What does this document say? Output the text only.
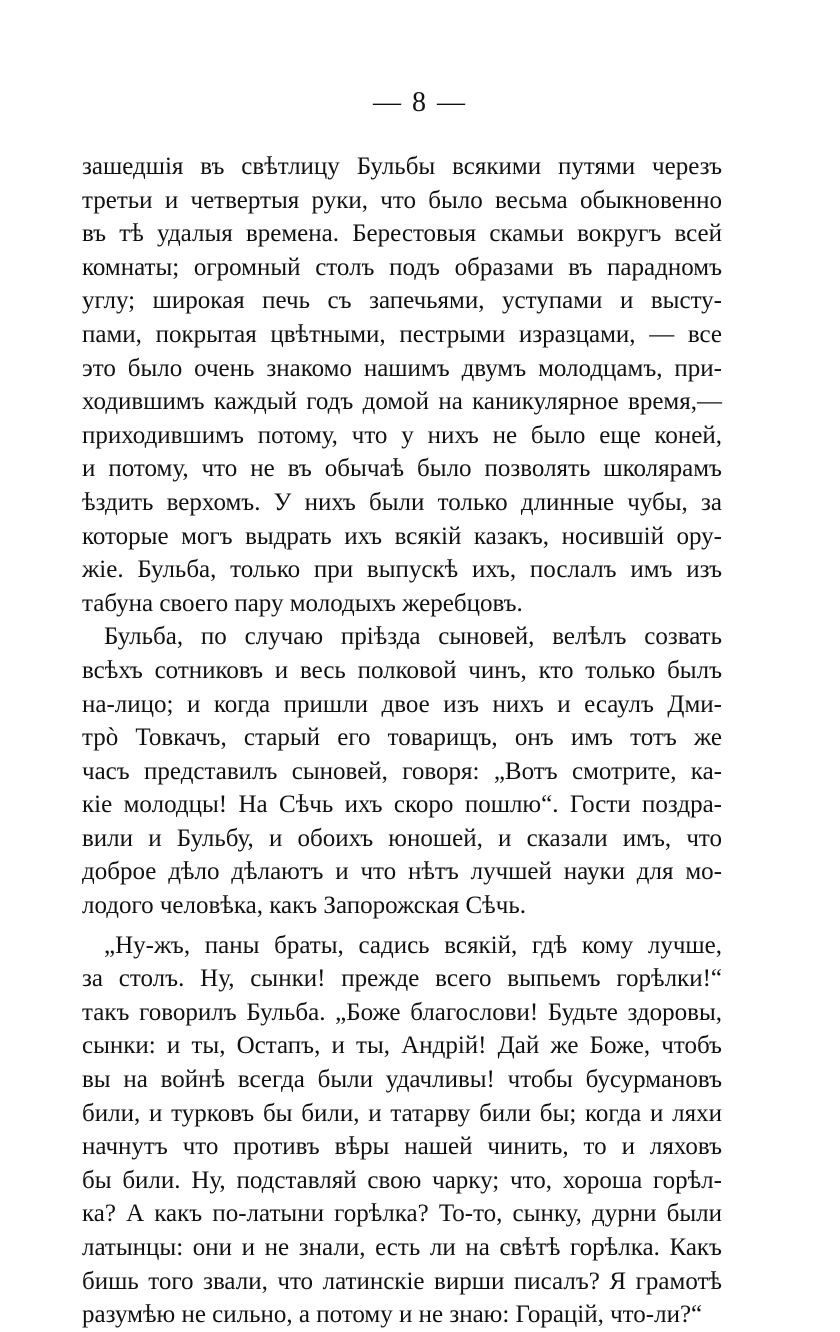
— 8 —
зашедшія въ свѣтлицу Бульбы всякими путями черезъ
третьи и четвертыя руки, что было весьма обыкновенно
въ тѣ удалыя времена. Берестовыя скамьи вокругъ всей
комнаты; огромный столъ подъ образами въ парадномъ
углу; широкая печь съ запечьями, уступами и высту-
пами, покрытая цвѣтными, пестрыми изразцами, — все
это было очень знакомо нашимъ двумъ молодцамъ, при-
ходившимъ каждый годъ домой на каникулярное время,—
приходившимъ потому, что у нихъ не было еще коней,
и потому, что не въ обычаѣ было позволять школярамъ
ѣздить верхомъ. У нихъ были только длинные чубы, за
которые могъ выдрать ихъ всякій казакъ, носившій ору-
жіе. Бульба, только при выпускѣ ихъ, послалъ имъ изъ
табуна своего пару молодыхъ жеребцовъ.
Бульба, по случаю пріѣзда сыновей, велѣлъ созвать
всѣхъ сотниковъ и весь полковой чинъ, кто только былъ
на-лицо; и когда пришли двое изъ нихъ и есаулъ Дми-
трò Товкачъ, старый его товарищъ, онъ имъ тотъ же
часъ представилъ сыновей, говоря: „Вотъ смотрите, ка-
кіе молодцы! На Сѣчь ихъ скоро пошлю“. Гости поздра-
вили и Бульбу, и обоихъ юношей, и сказали имъ, что
доброе дѣло дѣлаютъ и что нѣтъ лучшей науки для мо-
лодого человѣка, какъ Запорожская Сѣчь.
„Ну-жъ, паны браты, садись всякій, гдѣ кому лучше,
за столъ. Ну, сынки! прежде всего выпьемъ горѣлки!“
такъ говорилъ Бульба. „Боже благослови! Будьте здоровы,
сынки: и ты, Остапъ, и ты, Андрій! Дай же Боже, чтобъ
вы на войнѣ всегда были удачливы! чтобы бусурмановъ
били, и турковъ бы били, и татарву били бы; когда и ляхи
начнутъ что противъ вѣры нашей чинить, то и ляховъ
бы били. Ну, подставляй свою чарку; что, хороша горѣл-
ка? А какъ по-латыни горѣлка? То-то, сынку, дурни были
латынцы: они и не знали, есть ли на свѣтѣ горѣлка. Какъ
бишь того звали, что латинскіе вирши писалъ? Я грамотѣ
разумѣю не сильно, а потому и не знаю: Горацій, что-ли?“
